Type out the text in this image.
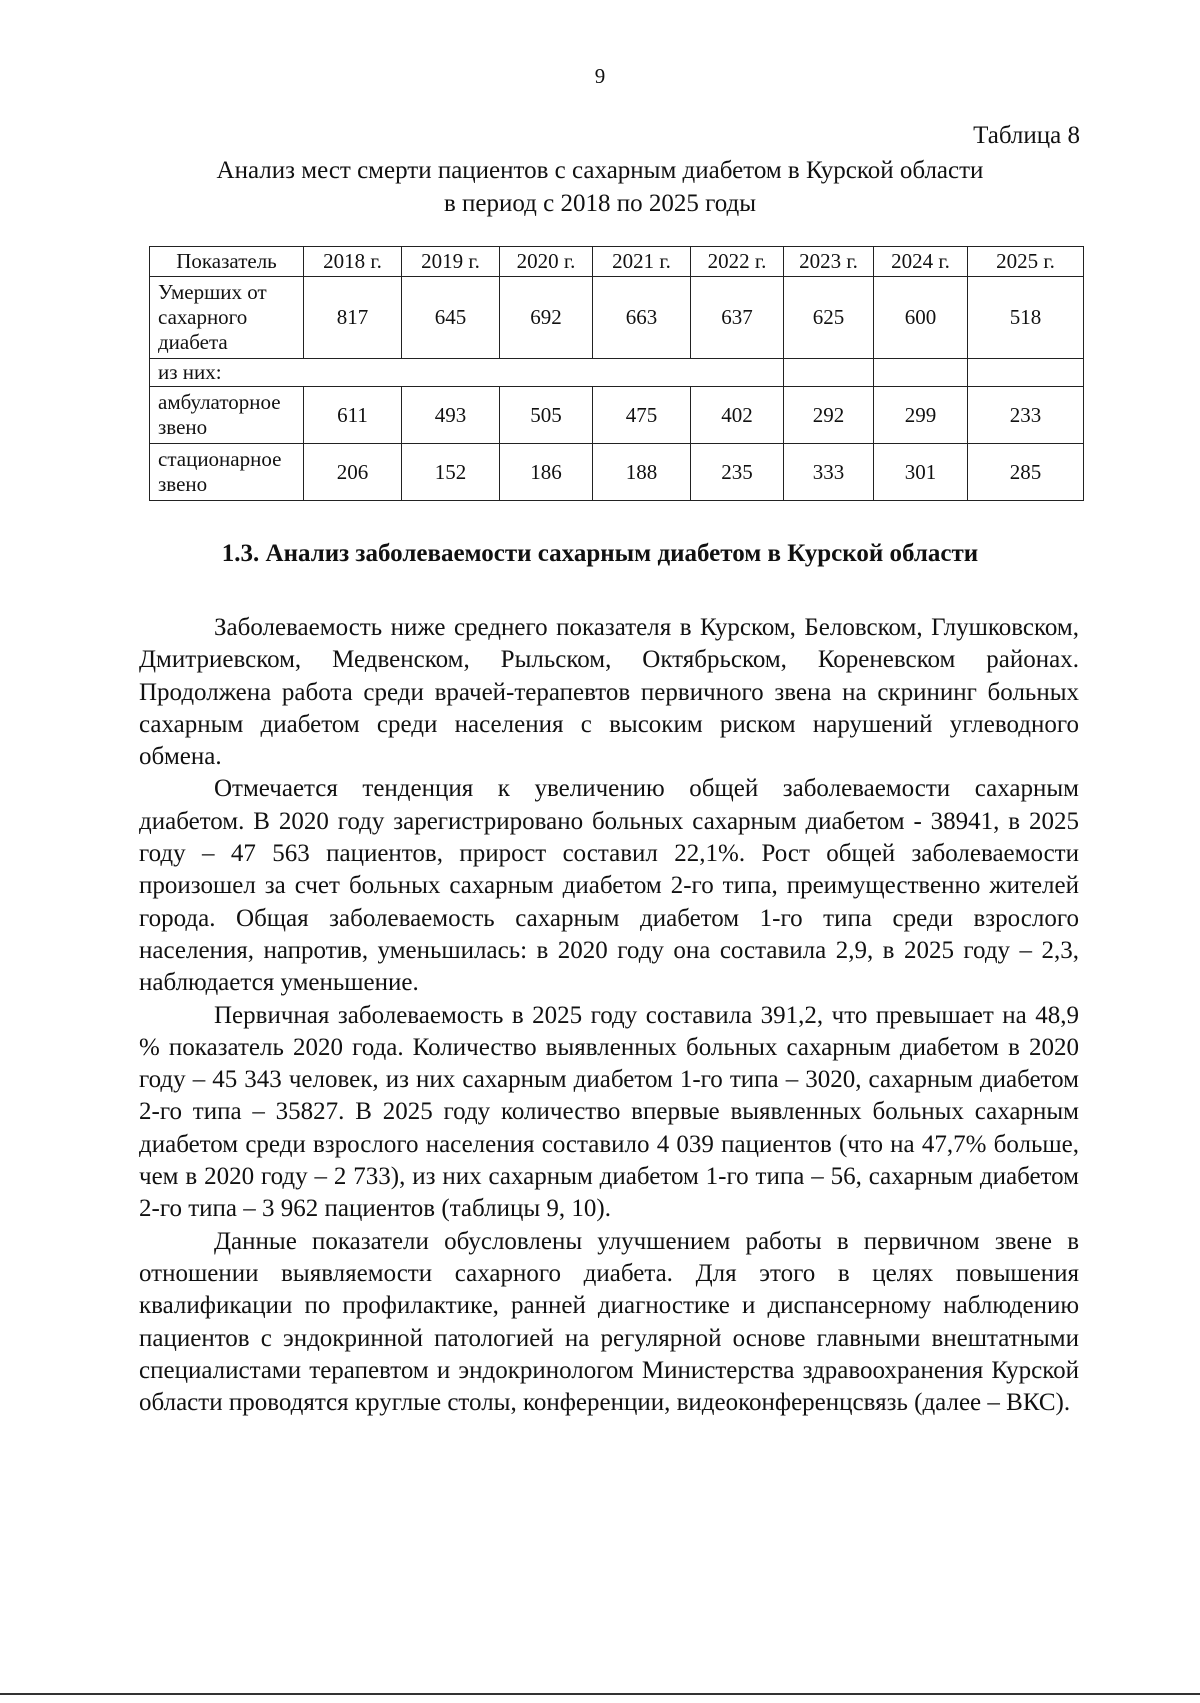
9
Таблица 8
Анализ мест смерти пациентов с сахарным диабетом в Курской области
в период с 2018 по 2025 годы
Показатель	2018 г.	2019 г.	2020 г.	2021 г.	2022 г.	2023 г.	2024 г.	2025 г.
Умерших от сахарного диабета	817	645	692	663	637	625	600	518
из них:								
амбулаторное звено	611	493	505	475	402	292	299	233
стационарное звено	206	152	186	188	235	333	301	285
1.3. Анализ заболеваемости сахарным диабетом в Курской области

Заболеваемость ниже среднего показателя в Курском, Беловском, Глушковском, Дмитриевском, Медвенском, Рыльском, Октябрьском, Кореневском районах. Продолжена работа среди врачей-терапевтов первичного звена на скрининг больных сахарным диабетом среди населения с высоким риском нарушений углеводного обмена.

Отмечается тенденция к увеличению общей заболеваемости сахарным диабетом. В 2020 году зарегистрировано больных сахарным диабетом - 38941, в 2025 году – 47 563 пациентов, прирост составил 22,1%. Рост общей заболеваемости произошел за счет больных сахарным диабетом 2-го типа, преимущественно жителей города. Общая заболеваемость сахарным диабетом 1-го типа среди взрослого населения, напротив, уменьшилась: в 2020 году она составила 2,9, в 2025 году – 2,3, наблюдается уменьшение.

Первичная заболеваемость в 2025 году составила 391,2, что превышает на 48,9 % показатель 2020 года. Количество выявленных больных сахарным диабетом в 2020 году – 45 343 человек, из них сахарным диабетом 1-го типа – 3020, сахарным диабетом 2-го типа – 35827. В 2025 году количество впервые выявленных больных сахарным диабетом среди взрослого населения составило 4 039 пациентов (что на 47,7% больше, чем в 2020 году – 2 733), из них сахарным диабетом 1-го типа – 56, сахарным диабетом 2-го типа – 3 962 пациентов (таблицы 9, 10).

Данные показатели обусловлены улучшением работы в первичном звене в отношении выявляемости сахарного диабета. Для этого в целях повышения квалификации по профилактике, ранней диагностике и диспансерному наблюдению пациентов с эндокринной патологией на регулярной основе главными внештатными специалистами терапевтом и эндокринологом Министерства здравоохранения Курской области проводятся круглые столы, конференции, видеоконференцсвязь (далее – ВКС).
